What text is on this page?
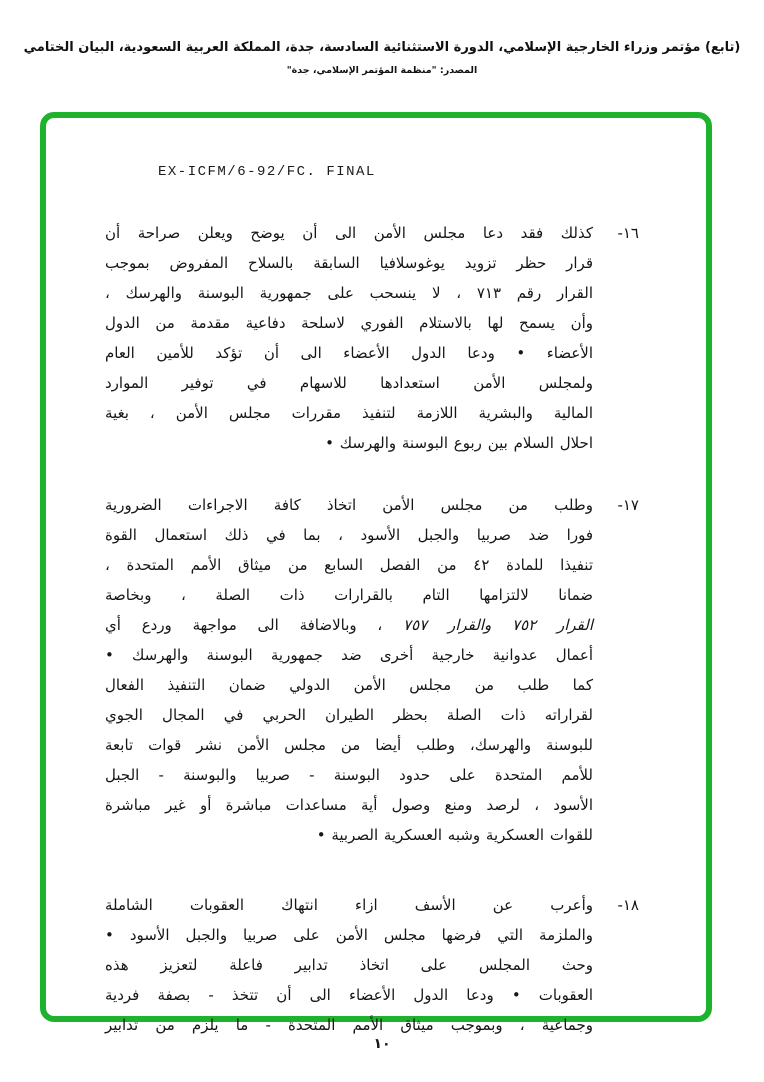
(تابع) مؤتمر وزراء الخارجية الإسلامي، الدورة الاستثنائية السادسة، جدة، المملكة العربية السعودية، البيان الختامي
المصدر: "منظمة المؤتمر الإسلامي، جدة"
EX-ICFM/6-92/FC. FINAL
١٦-
كذلك فقد دعا مجلس الأمن الى أن يوضح ويعلن صراحة أن
قرار حظر تزويد يوغوسلافيا السابقة بالسلاح المفروض بموجب
القرار رقم ٧١٣ ، لا ينسحب على جمهورية البوسنة والهرسك ،
وأن يسمح لها بالاستلام الفوري لاسلحة دفاعية مقدمة من الدول
الأعضاء • ودعا الدول الأعضاء الى أن تؤكد للأمين العام
ولمجلس الأمن استعدادها للاسهام في توفير الموارد
المالية والبشرية اللازمة لتنفيذ مقررات مجلس الأمن ، بغية
احلال السلام بين ربوع البوسنة والهرسك •
١٧-
وطلب من مجلس الأمن اتخاذ كافة الاجراءات الضرورية
فورا ضد صربيا والجبل الأسود ، بما في ذلك استعمال القوة
تنفيذا للمادة ٤٢ من الفصل السابع من ميثاق الأمم المتحدة ،
ضمانا لالتزامها التام بالقرارات ذات الصلة ، وبخاصة
القرار ٧٥٢ والقرار ٧٥٧ ، وبالاضافة الى مواجهة وردع أي
أعمال عدوانية خارجية أخرى ضد جمهورية البوسنة والهرسك •
كما طلب من مجلس الأمن الدولي ضمان التنفيذ الفعال
لقراراته ذات الصلة بحظر الطيران الحربي في المجال الجوي
للبوسنة والهرسك، وطلب أيضا من مجلس الأمن نشر قوات تابعة
للأمم المتحدة على حدود البوسنة - صربيا والبوسنة - الجبل
الأسود ، لرصد ومنع وصول أية مساعدات مباشرة أو غير مباشرة
للقوات العسكرية وشبه العسكرية الصربية •
١٨-
وأعرب عن الأسف ازاء انتهاك العقوبات الشاملة
والملزمة التي فرضها مجلس الأمن على صربيا والجبل الأسود •
وحث المجلس على اتخاذ تدابير فاعلة لتعزيز هذه
العقوبات • ودعا الدول الأعضاء الى أن تتخذ - بصفة فردية
وجماعية ، وبموجب ميثاق الأمم المتحدة - ما يلزم من تدابير
١٠
